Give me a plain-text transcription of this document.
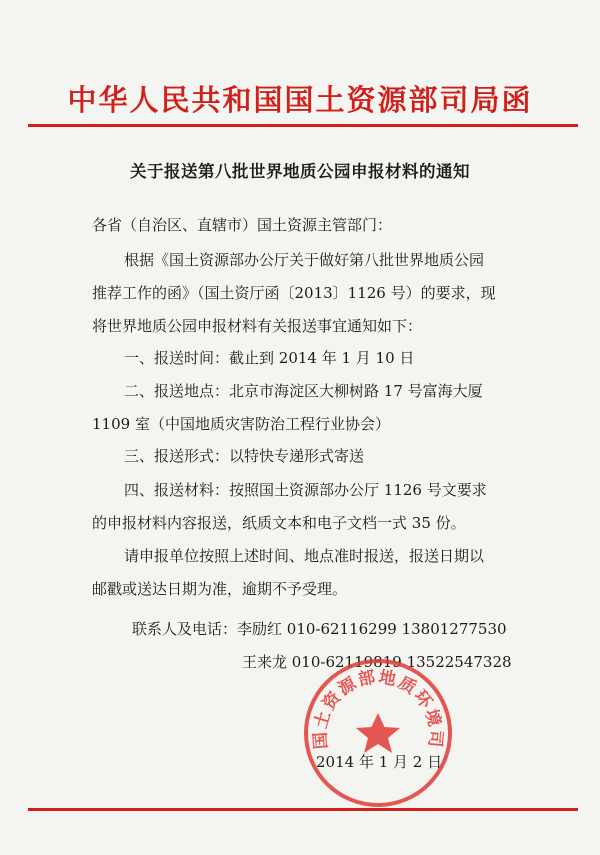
中华人民共和国国土资源部司局函
关于报送第八批世界地质公园申报材料的通知
各省（自治区、直辖市）国土资源主管部门：
根据《国土资源部办公厅关于做好第八批世界地质公园
推荐工作的函》（国土资厅函〔2013〕1126 号）的要求，现
将世界地质公园申报材料有关报送事宜通知如下：
一、报送时间：截止到 2014 年 1 月 10 日
二、报送地点：北京市海淀区大柳树路 17 号富海大厦
1109 室（中国地质灾害防治工程行业协会）
三、报送形式：以特快专递形式寄送
四、报送材料：按照国土资源部办公厅 1126 号文要求
的申报材料内容报送，纸质文本和电子文档一式 35 份。
请申报单位按照上述时间、地点准时报送，报送日期以
邮戳或送达日期为准，逾期不予受理。
联系人及电话：李励红 010-62116299 13801277530
王来龙 010-62119819 13522547328
国土资源部地质环境司
2014 年 1 月 2 日
